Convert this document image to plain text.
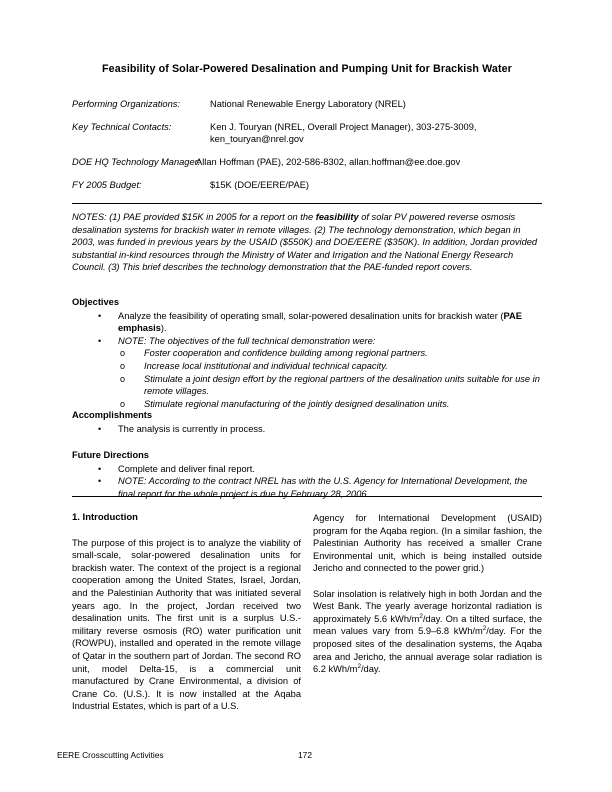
Feasibility of Solar-Powered Desalination and Pumping Unit for Brackish Water
Performing Organizations:	National Renewable Energy Laboratory (NREL)
Key Technical Contacts:	Ken J. Touryan (NREL, Overall Project Manager), 303-275-3009,
ken_touryan@nrel.gov
DOE HQ Technology Manager:
Allan Hoffman (PAE), 202-586-8302, allan.hoffman@ee.doe.gov
FY 2005 Budget:	$15K (DOE/EERE/PAE)
NOTES: (1) PAE provided $15K in 2005 for a report on the feasibility of solar PV powered reverse osmosis desalination systems for brackish water in remote villages. (2) The technology demonstration, which began in 2003, was funded in previous years by the USAID ($550K) and DOE/EERE ($350K). In addition, Jordan provided substantial in-kind resources through the Ministry of Water and Irrigation and the National Energy Research Council. (3) This brief describes the technology demonstration that the PAE-funded report covers.
Objectives
• Analyze the feasibility of operating small, solar-powered desalination units for brackish water (PAE emphasis).
• NOTE: The objectives of the full technical demonstration were:
o Foster cooperation and confidence building among regional partners.
o Increase local institutional and individual technical capacity.
o Stimulate a joint design effort by the regional partners of the desalination units suitable for use in remote villages.
o Stimulate regional manufacturing of the jointly designed desalination units.
Accomplishments
• The analysis is currently in process.
Future Directions
• Complete and deliver final report.
• NOTE: According to the contract NREL has with the U.S. Agency for International Development, the final report for the whole project is due by February 28, 2006.
1. Introduction

The purpose of this project is to analyze the viability of small-scale, solar-powered desalination units for brackish water. The context of the project is a regional cooperation among the United States, Israel, Jordan, and the Palestinian Authority that was initiated several years ago. In the project, Jordan received two desalination units. The first unit is a surplus U.S.-military reverse osmosis (RO) water purification unit (ROWPU), installed and operated in the remote village of Qatar in the southern part of Jordan. The second RO unit, model Delta-15, is a commercial unit manufactured by Crane Environmental, a division of Crane Co. (U.S.). It is now installed at the Aqaba Industrial Estates, which is part of a U.S.

Agency for International Development (USAID) program for the Aqaba region. (In a similar fashion, the Palestinian Authority has received a smaller Crane Environmental unit, which is being installed outside Jericho and connected to the power grid.)

Solar insolation is relatively high in both Jordan and the West Bank. The yearly average horizontal radiation is approximately 5.6 kWh/$m^2$/day. On a tilted surface, the mean values vary from 5.9–6.8 kWh/$m^2$/day. For the proposed sites of the desalination systems, the Aqaba area and Jericho, the annual average solar radiation is 6.2 kWh/$m^2$/day.

EERE Crosscutting Activities	172
